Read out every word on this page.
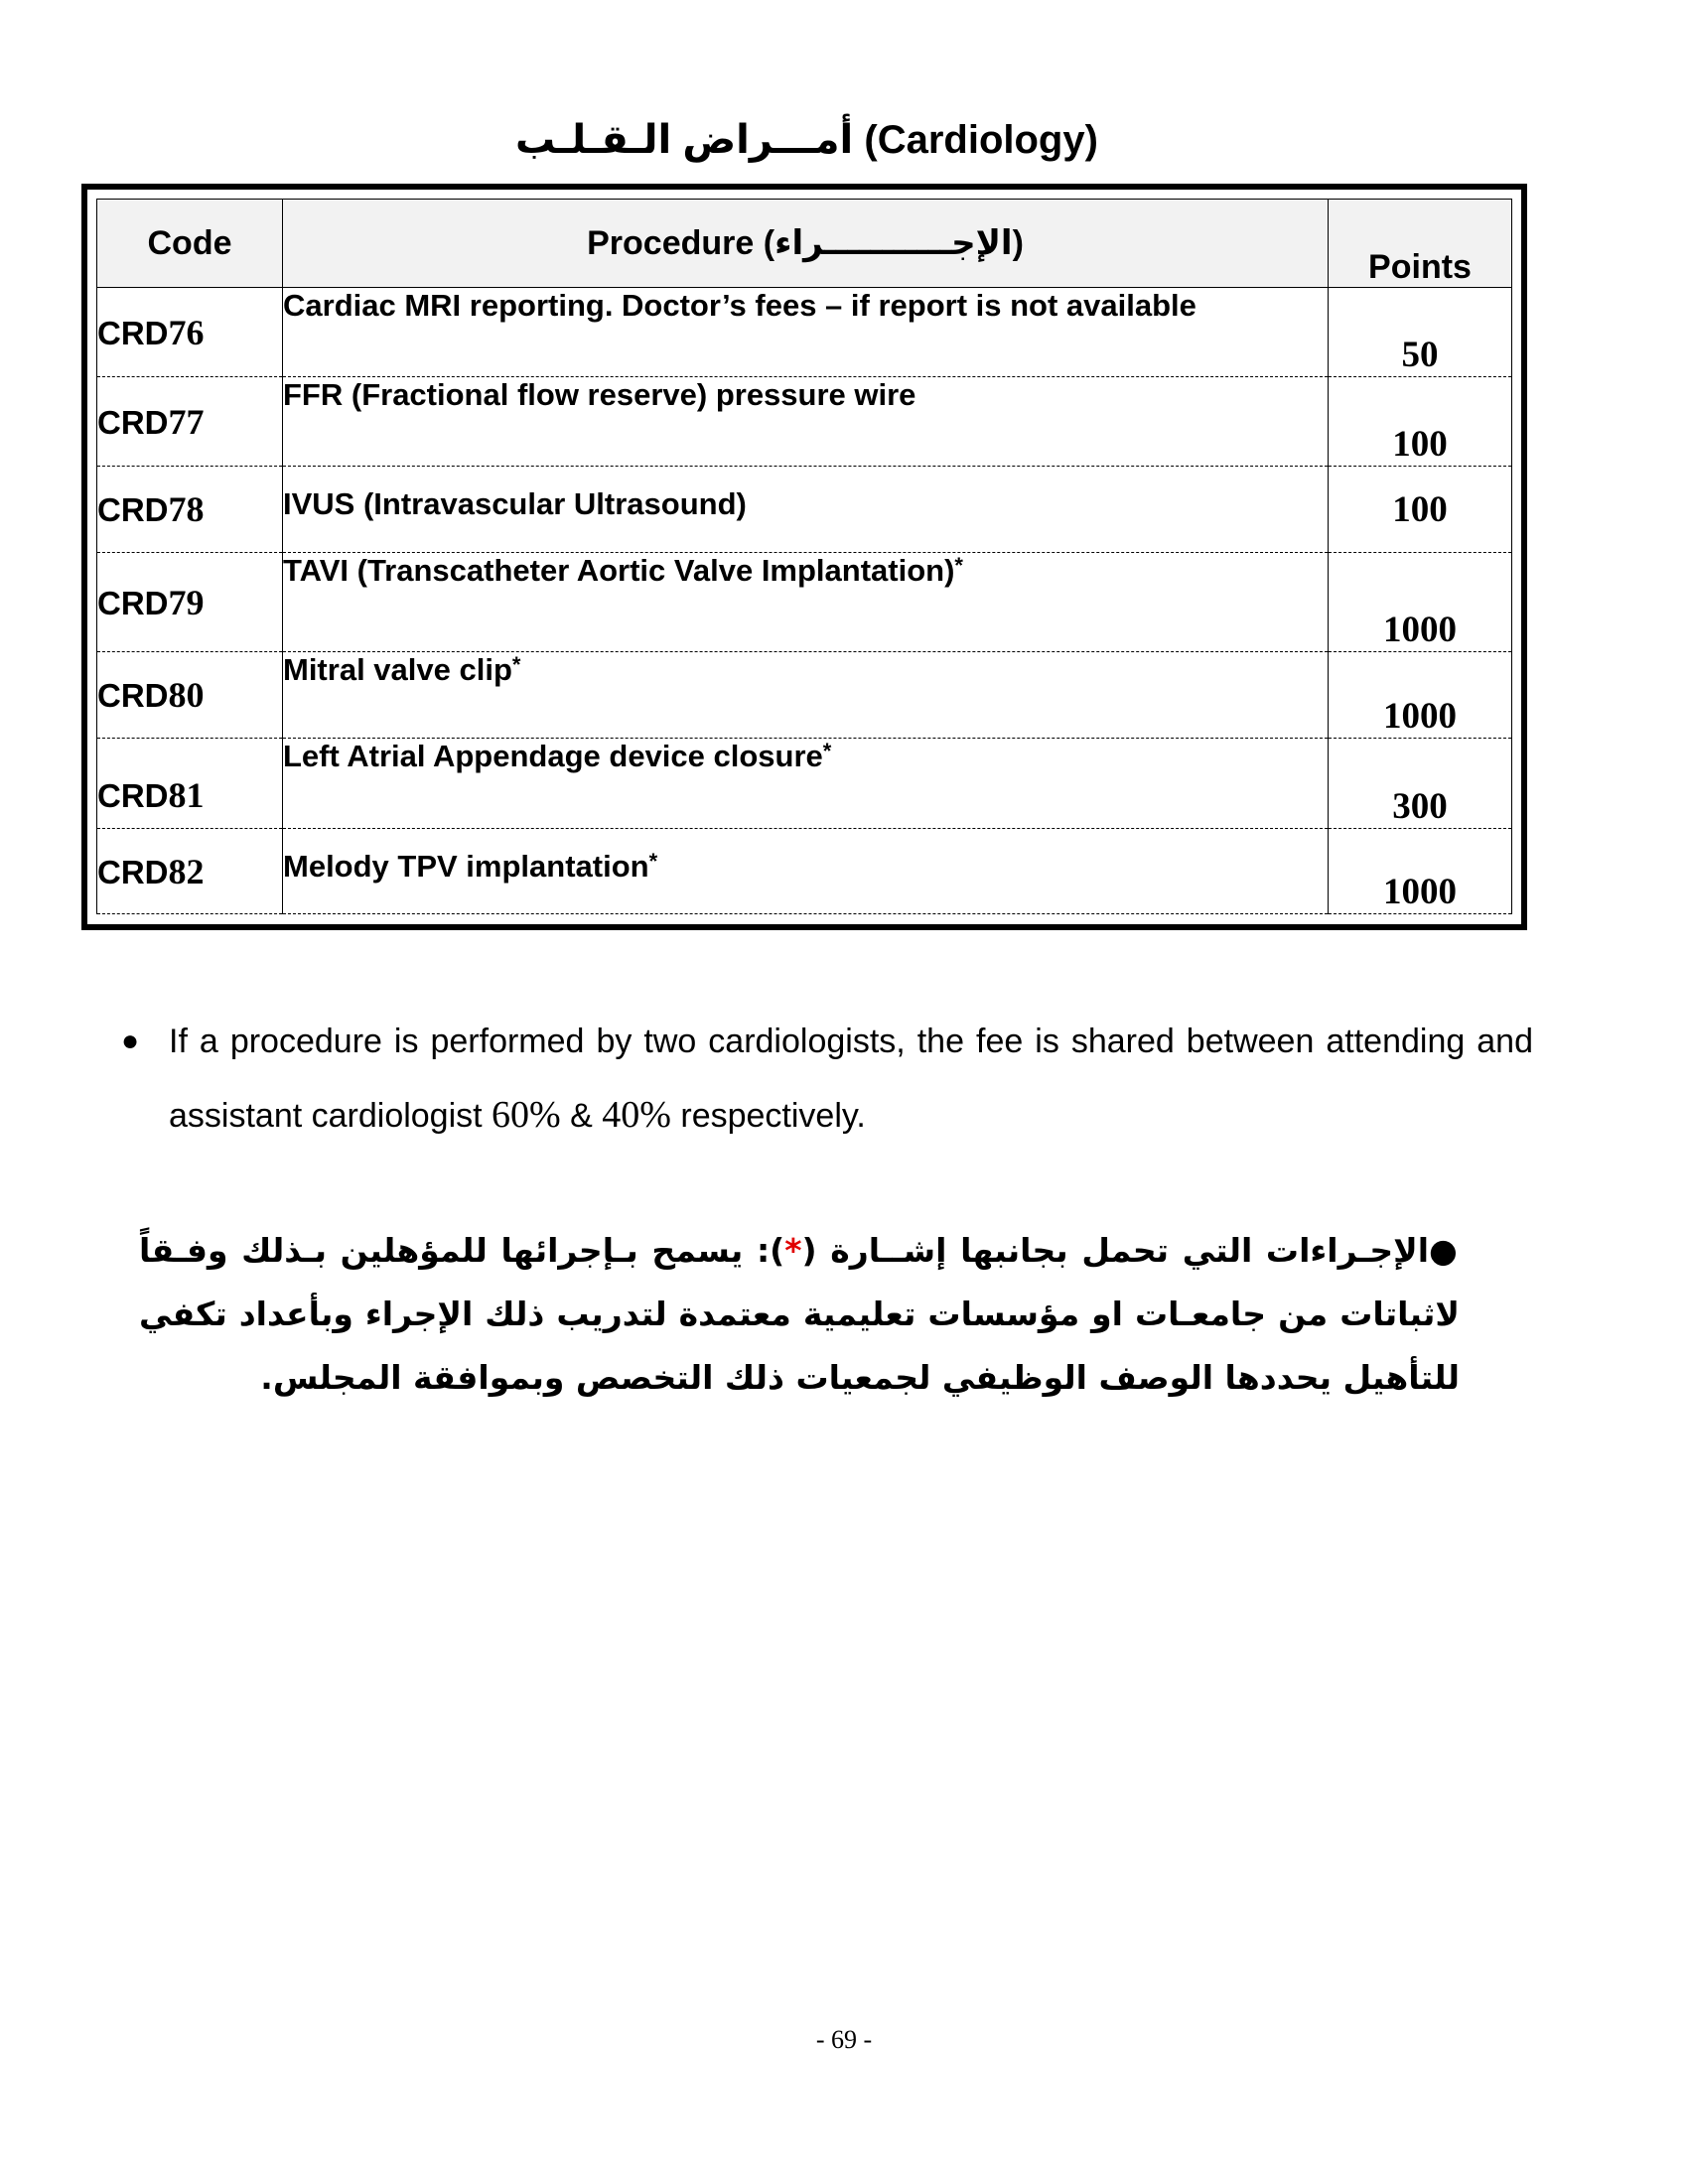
أمـــراض الـقـلـب (Cardiology)
Code	Procedure (الإجـــــــــــراء)	Points
CRD76	Cardiac MRI reporting. Doctor’s fees – if report is not available	50
CRD77	FFR (Fractional flow reserve) pressure wire	100
CRD78	IVUS (Intravascular Ultrasound)	100
CRD79	TAVI (Transcatheter Aortic Valve Implantation)*	1000
CRD80	Mitral valve clip*	1000
CRD81	Left Atrial Appendage device closure*	300
CRD82	Melody TPV implantation*	1000
● If a procedure is performed by two cardiologists, the fee is shared between attending and assistant cardiologist 60% & 40% respectively.
●الإجـراءات التي تحمل بجانبها إشــارة (*): يسمح بـإجرائها للمؤهلين بـذلك وفـقاً لاثباتات من جامعـات او مؤسسات تعليمية معتمدة لتدريب ذلك الإجراء وبأعداد تكفي للتأهيل يحددها الوصف الوظيفي لجمعيات ذلك التخصص وبموافقة المجلس.
- 69 -
